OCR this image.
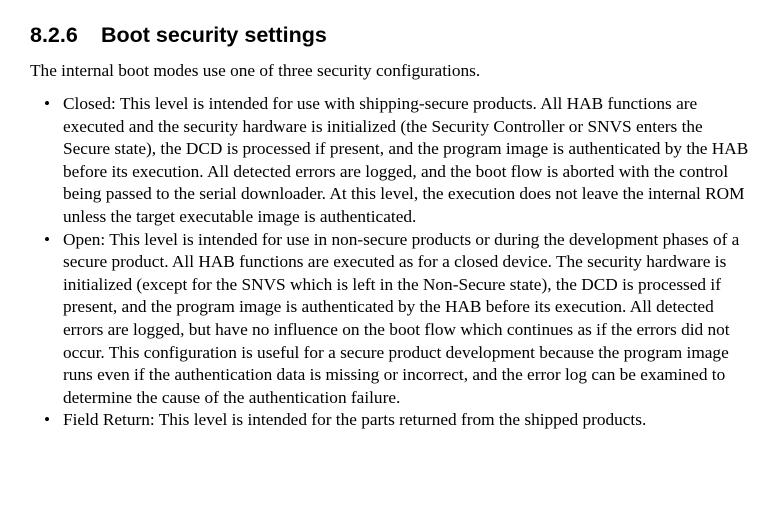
8.2.6 Boot security settings

The internal boot modes use one of three security configurations.

• Closed: This level is intended for use with shipping-secure products. All HAB functions are executed and the security hardware is initialized (the Security Controller or SNVS enters the Secure state), the DCD is processed if present, and the program image is authenticated by the HAB before its execution. All detected errors are logged, and the boot flow is aborted with the control being passed to the serial downloader. At this level, the execution does not leave the internal ROM unless the target executable image is authenticated.
• Open: This level is intended for use in non-secure products or during the development phases of a secure product. All HAB functions are executed as for a closed device. The security hardware is initialized (except for the SNVS which is left in the Non-Secure state), the DCD is processed if present, and the program image is authenticated by the HAB before its execution. All detected errors are logged, but have no influence on the boot flow which continues as if the errors did not occur. This configuration is useful for a secure product development because the program image runs even if the authentication data is missing or incorrect, and the error log can be examined to determine the cause of the authentication failure.
• Field Return: This level is intended for the parts returned from the shipped products.
